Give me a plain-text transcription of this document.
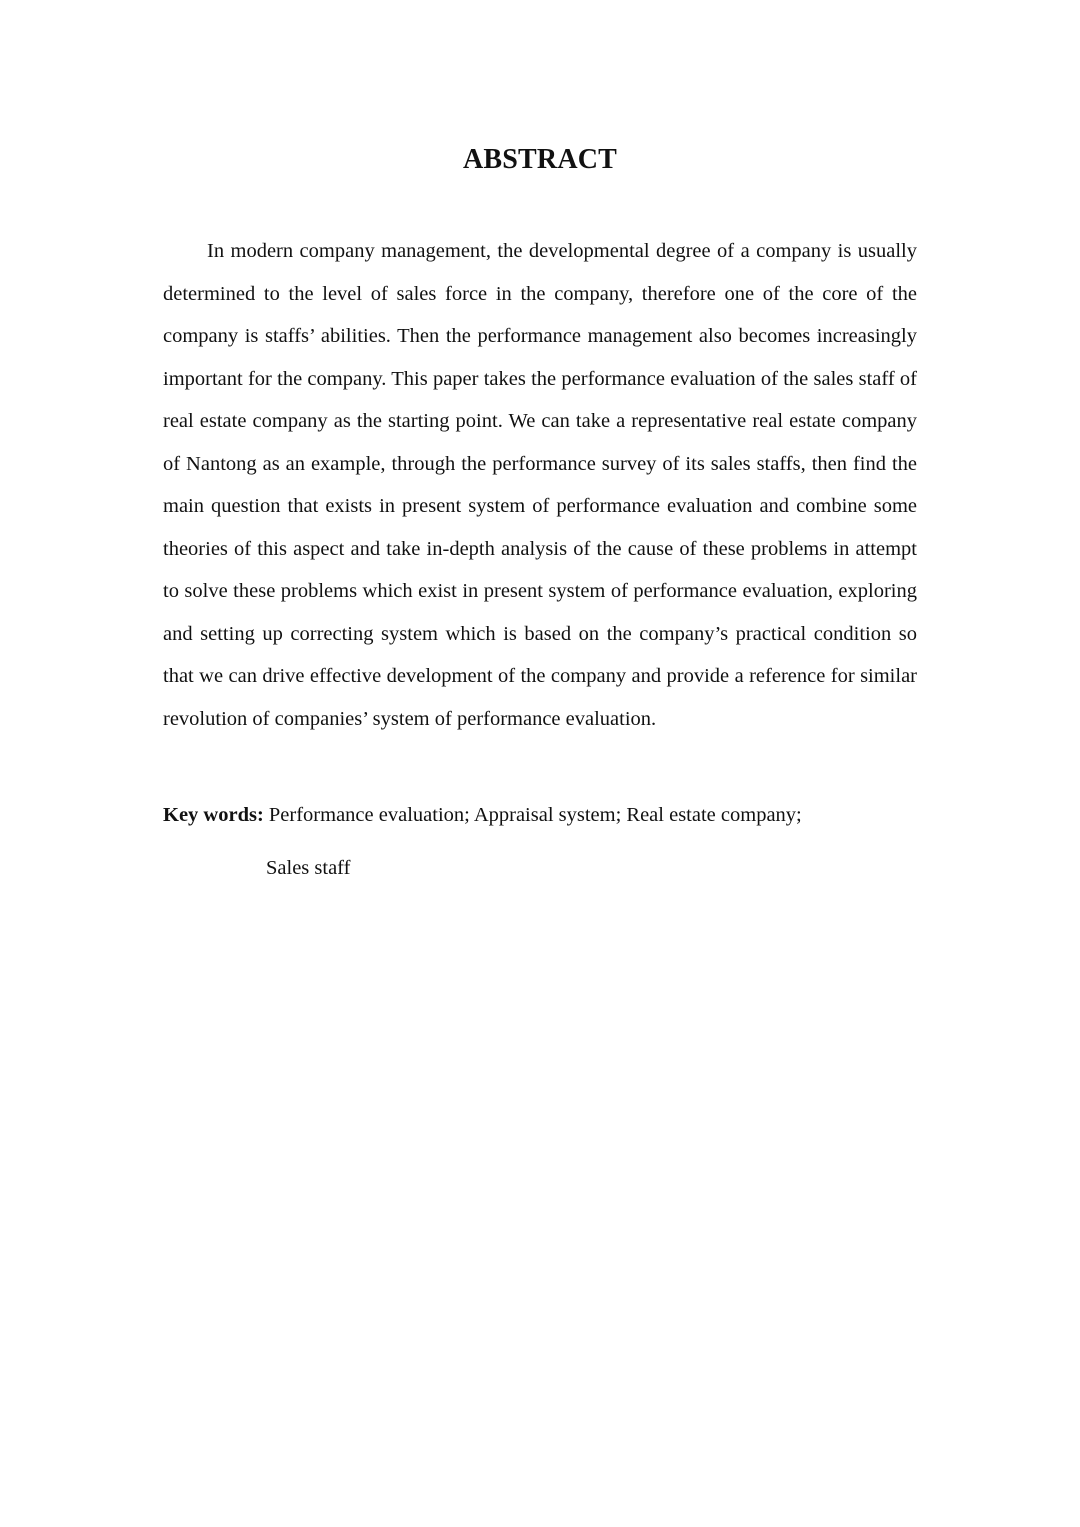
ABSTRACT

In modern company management, the developmental degree of a company is usually determined to the level of sales force in the company, therefore one of the core of the company is staffs’ abilities. Then the performance management also becomes increasingly important for the company. This paper takes the performance evaluation of the sales staff of real estate company as the starting point. We can take a representative real estate company of Nantong as an example, through the performance survey of its sales staffs, then find the main question that exists in present system of performance evaluation and combine some theories of this aspect and take in-depth analysis of the cause of these problems in attempt to solve these problems which exist in present system of performance evaluation, exploring and setting up correcting system which is based on the company’s practical condition so that we can drive effective development of the company and provide a reference for similar revolution of companies’ system of performance evaluation.

Key words: Performance evaluation; Appraisal system; Real estate company;
Sales staff
